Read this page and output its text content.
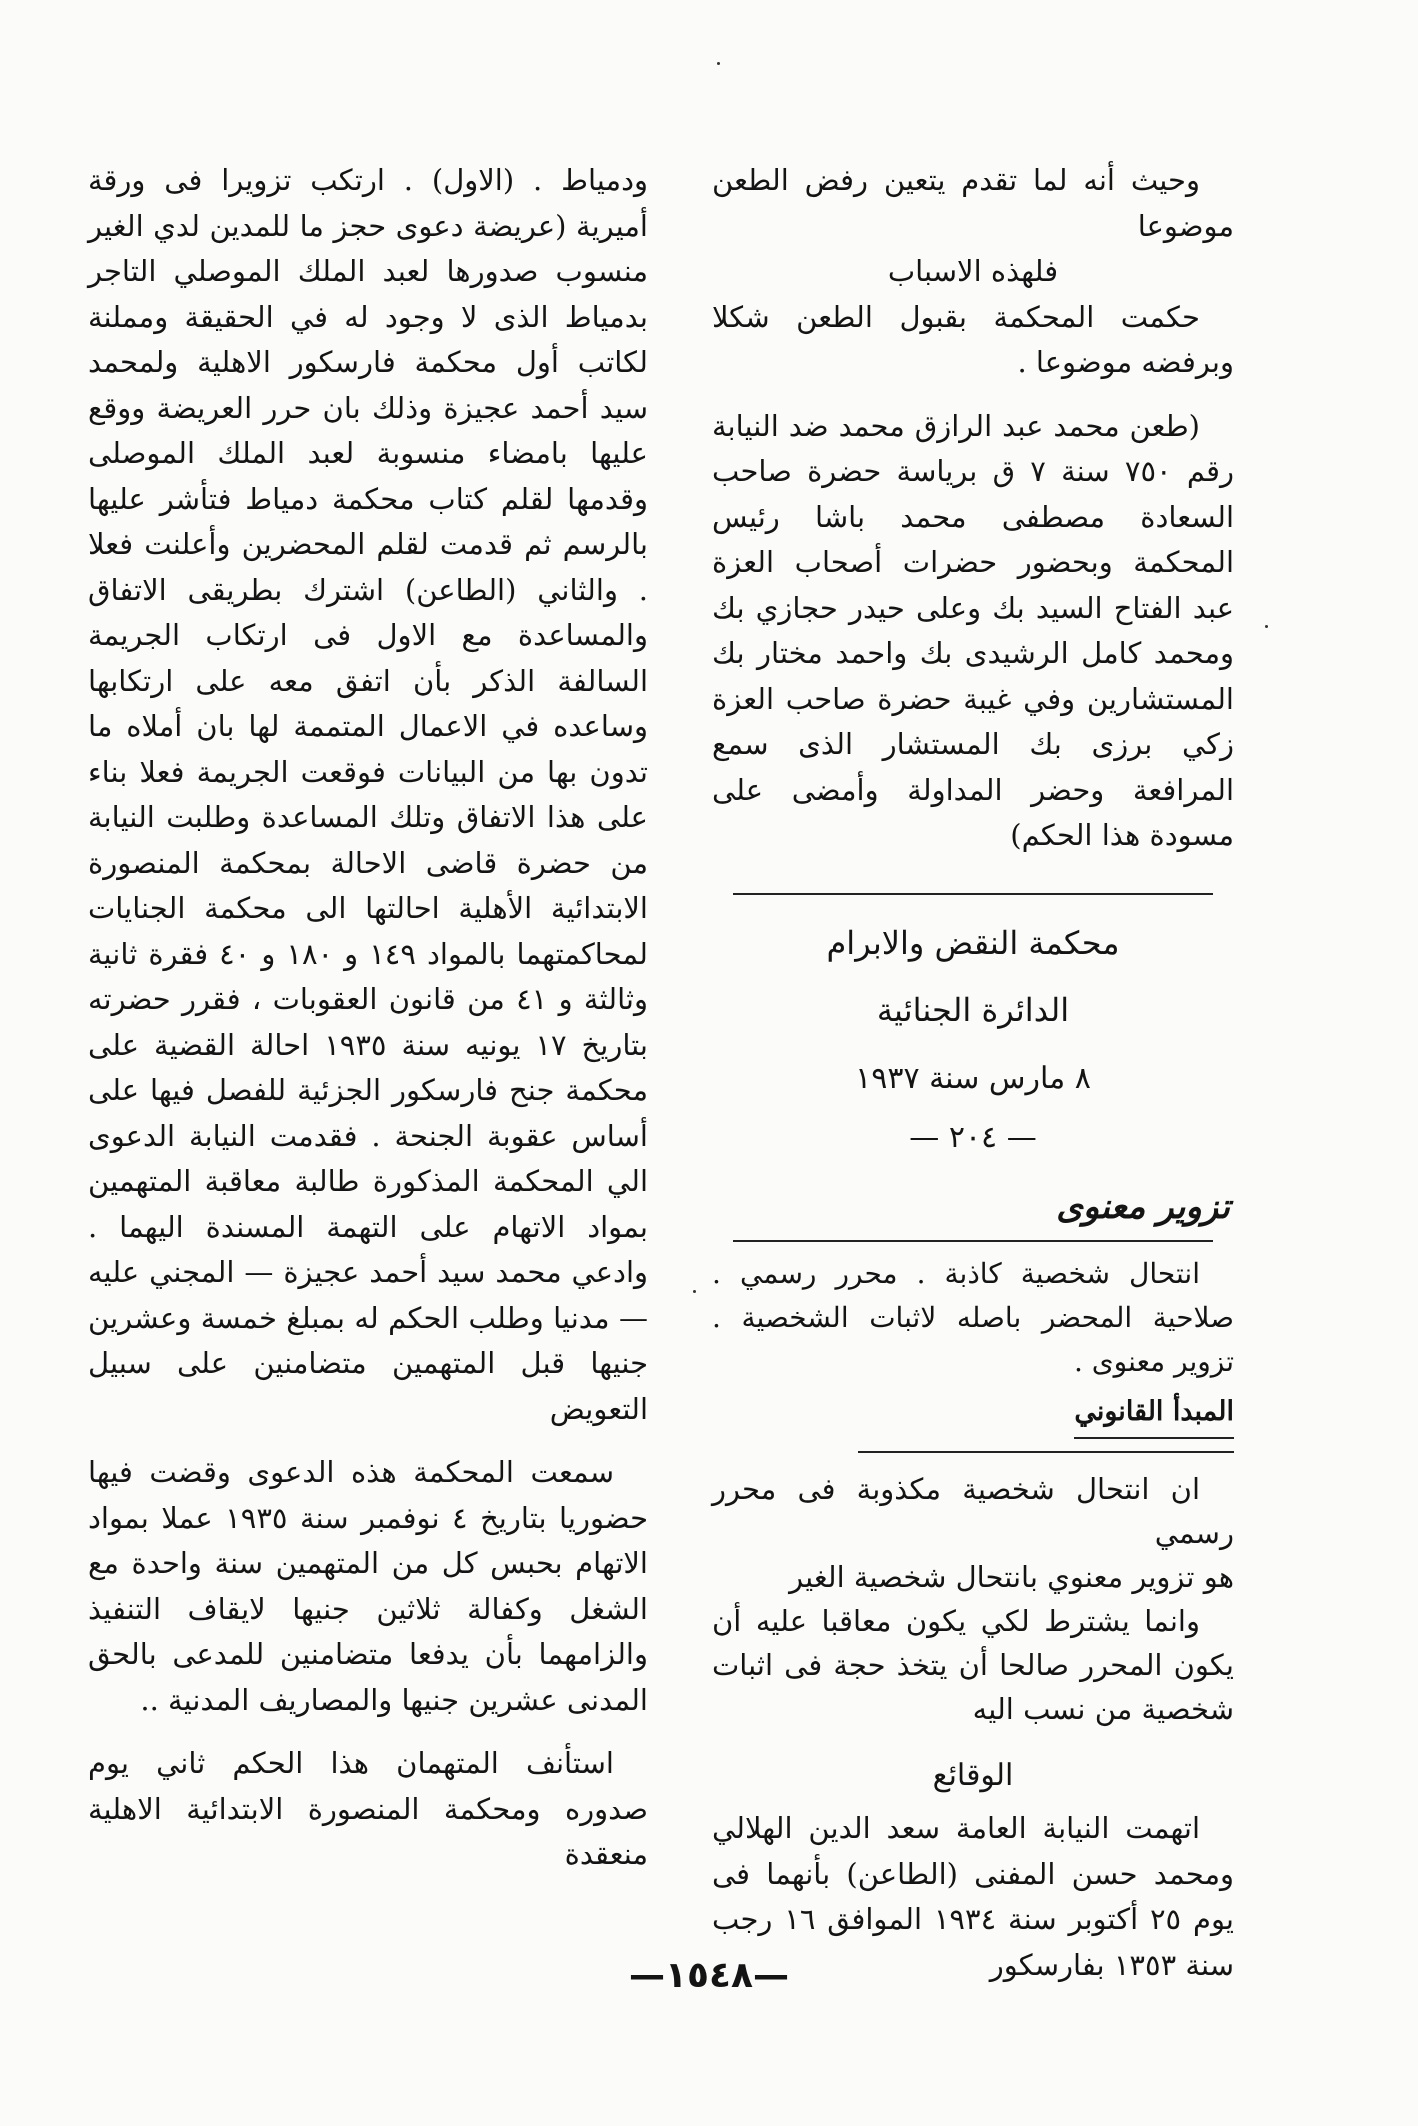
وحيث أنه لما تقدم يتعين رفض الطعن موضوعا

فلهذه الاسباب

حكمت المحكمة بقبول الطعن شكلا وبرفضه موضوعا .

(طعن محمد عبد الرازق محمد ضد النيابة رقم ٧٥٠ سنة ٧ ق برياسة حضرة صاحب السعادة مصطفى محمد باشا رئيس المحكمة وبحضور حضرات أصحاب العزة عبد الفتاح السيد بك وعلى حيدر حجازي بك ومحمد كامل الرشيدى بك واحمد مختار بك المستشارين وفي غيبة حضرة صاحب العزة زكي برزى بك المستشار الذى سمع المرافعة وحضر المداولة وأمضى على مسودة هذا الحكم)

محكمة النقض والابرام

الدائرة الجنائية

٨ مارس سنة ١٩٣٧

— ٢٠٤ —

تزوير معنوى

انتحال شخصية كاذبة . محرر رسمي . صلاحية المحضر باصله لاثبات الشخصية . تزوير معنوى .

المبدأ القانوني

ان انتحال شخصية مكذوبة فى محرر رسمي

هو تزوير معنوي بانتحال شخصية الغير

وانما يشترط لكي يكون معاقبا عليه أن يكون المحرر صالحا أن يتخذ حجة فى اثبات شخصية من نسب اليه

الوقائع

اتهمت النيابة العامة سعد الدين الهلالي ومحمد حسن المفنى (الطاعن) بأنهما فى يوم ٢٥ أكتوبر سنة ١٩٣٤ الموافق ١٦ رجب سنة ١٣٥٣ بفارسكور

ودمياط . (الاول) . ارتكب تزويرا فى ورقة أميرية (عريضة دعوى حجز ما للمدين لدي الغير منسوب صدورها لعبد الملك الموصلي التاجر بدمياط الذى لا وجود له في الحقيقة ومملنة لكاتب أول محكمة فارسكور الاهلية ولمحمد سيد أحمد عجيزة وذلك بان حرر العريضة ووقع عليها بامضاء منسوبة لعبد الملك الموصلى وقدمها لقلم كتاب محكمة دمياط فتأشر عليها بالرسم ثم قدمت لقلم المحضرين وأعلنت فعلا . والثاني (الطاعن) اشترك بطريقى الاتفاق والمساعدة مع الاول فى ارتكاب الجريمة السالفة الذكر بأن اتفق معه على ارتكابها وساعده في الاعمال المتممة لها بان أملاه ما تدون بها من البيانات فوقعت الجريمة فعلا بناء على هذا الاتفاق وتلك المساعدة وطلبت النيابة من حضرة قاضى الاحالة بمحكمة المنصورة الابتدائية الأهلية احالتها الى محكمة الجنايات لمحاكمتهما بالمواد ١٤٩ و ١٨٠ و ٤٠ فقرة ثانية وثالثة و ٤١ من قانون العقوبات ، فقرر حضرته بتاريخ ١٧ يونيه سنة ١٩٣٥ احالة القضية على محكمة جنح فارسكور الجزئية للفصل فيها على أساس عقوبة الجنحة . فقدمت النيابة الدعوى الي المحكمة المذكورة طالبة معاقبة المتهمين بمواد الاتهام على التهمة المسندة اليهما . وادعي محمد سيد أحمد عجيزة — المجني عليه — مدنيا وطلب الحكم له بمبلغ خمسة وعشرين جنيها قبل المتهمين متضامنين على سبيل التعويض

سمعت المحكمة هذه الدعوى وقضت فيها حضوريا بتاريخ ٤ نوفمبر سنة ١٩٣٥ عملا بمواد الاتهام بحبس كل من المتهمين سنة واحدة مع الشغل وكفالة ثلاثين جنيها لايقاف التنفيذ والزامهما بأن يدفعا متضامنين للمدعى بالحق المدنى عشرين جنيها والمصاريف المدنية ..

استأنف المتهمان هذا الحكم ثاني يوم صدوره ومحكمة المنصورة الابتدائية الاهلية منعقدة

—١٥٤٨—
